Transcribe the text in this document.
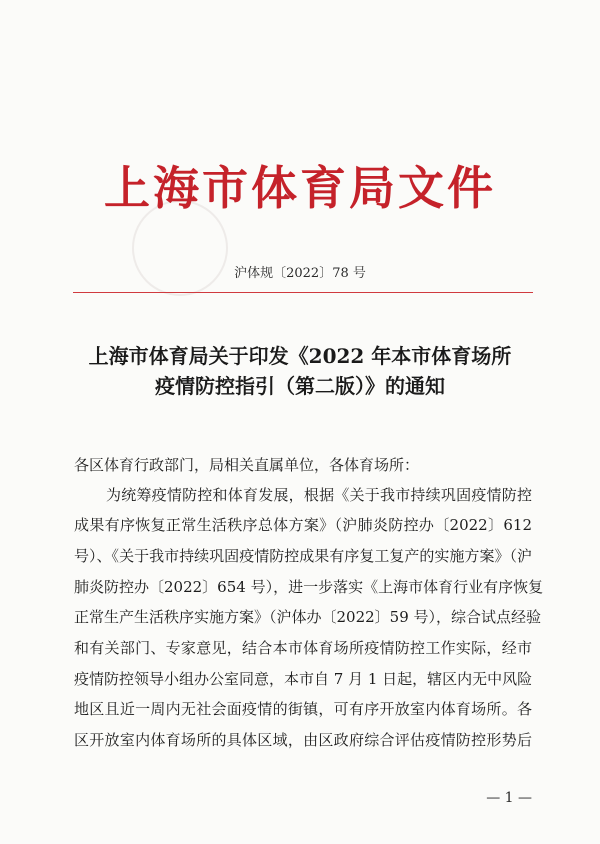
上海市体育局文件
沪体规〔2022〕78 号
上海市体育局关于印发《2022 年本市体育场所
疫情防控指引（第二版）》的通知
各区体育行政部门，局相关直属单位，各体育场所：
为统筹疫情防控和体育发展，根据《关于我市持续巩固疫情防控
成果有序恢复正常生活秩序总体方案》（沪肺炎防控办〔2022〕612
号）、《关于我市持续巩固疫情防控成果有序复工复产的实施方案》（沪
肺炎防控办〔2022〕654 号），进一步落实《上海市体育行业有序恢复
正常生产生活秩序实施方案》（沪体办〔2022〕59 号），综合试点经验
和有关部门、专家意见，结合本市体育场所疫情防控工作实际，经市
疫情防控领导小组办公室同意，本市自 7 月 1 日起，辖区内无中风险
地区且近一周内无社会面疫情的街镇，可有序开放室内体育场所。各
区开放室内体育场所的具体区域，由区政府综合评估疫情防控形势后
— 1 —
